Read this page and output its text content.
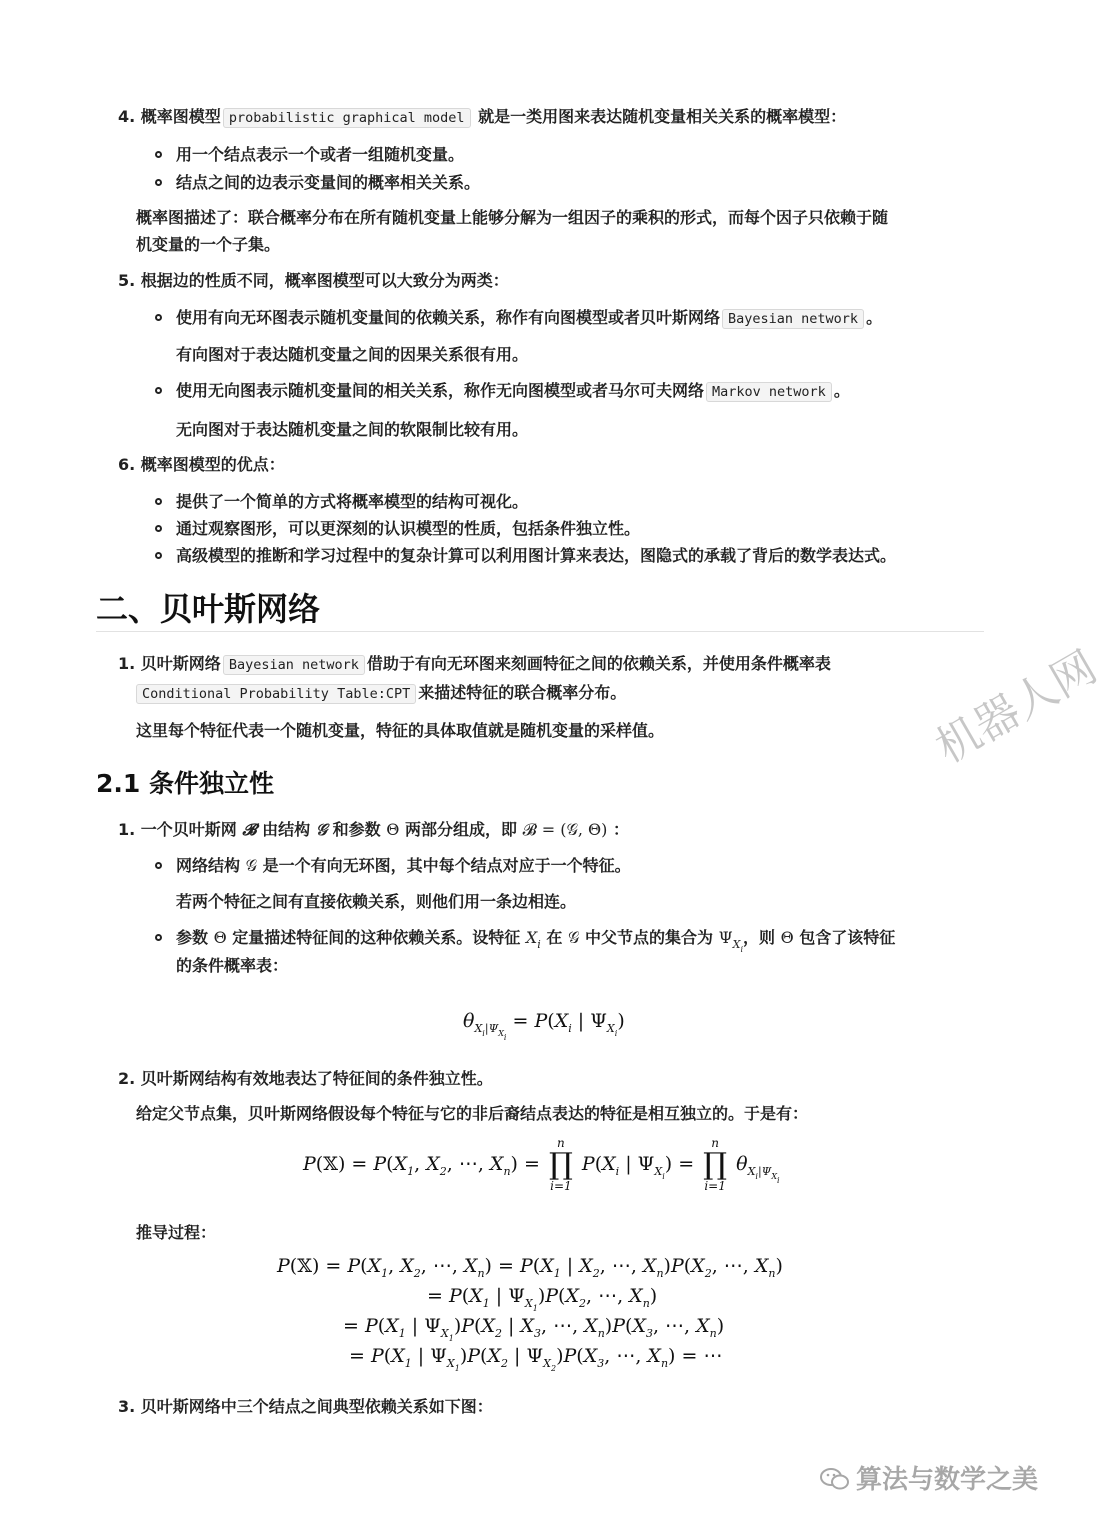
4. 概率图模型 probabilistic graphical model 就是一类用图来表达随机变量相关关系的概率模型：
用一个结点表示一个或者一组随机变量。
结点之间的边表示变量间的概率相关关系。
概率图描述了：联合概率分布在所有随机变量上能够分解为一组因子的乘积的形式，而每个因子只依赖于随
机变量的一个子集。
5. 根据边的性质不同，概率图模型可以大致分为两类：
使用有向无环图表示随机变量间的依赖关系，称作有向图模型或者贝叶斯网络 Bayesian network 。
有向图对于表达随机变量之间的因果关系很有用。
使用无向图表示随机变量间的相关关系，称作无向图模型或者马尔可夫网络 Markov network 。
无向图对于表达随机变量之间的软限制比较有用。
6. 概率图模型的优点：
提供了一个简单的方式将概率模型的结构可视化。
通过观察图形，可以更深刻的认识模型的性质，包括条件独立性。
高级模型的推断和学习过程中的复杂计算可以利用图计算来表达，图隐式的承载了背后的数学表达式。
二、贝叶斯网络
1. 贝叶斯网络 Bayesian network 借助于有向无环图来刻画特征之间的依赖关系，并使用条件概率表
Conditional Probability Table:CPT 来描述特征的联合概率分布。
这里每个特征代表一个随机变量，特征的具体取值就是随机变量的采样值。
2.1 条件独立性
1. 一个贝叶斯网 𝓑 由结构 𝒢 和参数 Θ 两部分组成，即 𝓑 = (𝒢, Θ) ：
网络结构 𝒢 是一个有向无环图，其中每个结点对应于一个特征。
若两个特征之间有直接依赖关系，则他们用一条边相连。
参数 Θ 定量描述特征间的这种依赖关系。设特征 $X_i$ 在 𝒢 中父节点的集合为 $\Psi_{X_i}$，则 Θ 包含了该特征
的条件概率表：
$\theta_{X_i|\Psi_{Xi}} = P(X_i$ | $\Psi_{X_i}$)
2. 贝叶斯网结构有效地表达了特征间的条件独立性。
给定父节点集，贝叶斯网络假设每个特征与它的非后裔结点表达的特征是相互独立的。于是有：
P(𝕏) = $P(X_1$, $X_2$, ⋯, $X_n$) =
n
∏
i=1
$P(X_i$ | $\Psi_{X_i}$) =
n
∏
i=1
$\theta_{X_i|\Psi_{Xi}}$
推导过程：
P(𝕏) = $P(X_1$, $X_2$, ⋯, $X_n) = P(X_1$ | $X_2$, ⋯, $X_n)P(X_2$, ⋯, $X_n$)
= $P(X_1$ | $\Psi_{X_1})P(X_2$, ⋯, $X_n$)
= $P(X_1$ | $\Psi_{X_1})P(X_2$ | $X_3$, ⋯, $X_n)P(X_3$, ⋯, $X_n$)
= $P(X_1$ | $\Psi_{X_1})P(X_2$ | $\Psi_{X_2})P(X_3$, ⋯, $X_n$) = ⋯
3. 贝叶斯网络中三个结点之间典型依赖关系如下图：
机器人网
算法与数学之美
